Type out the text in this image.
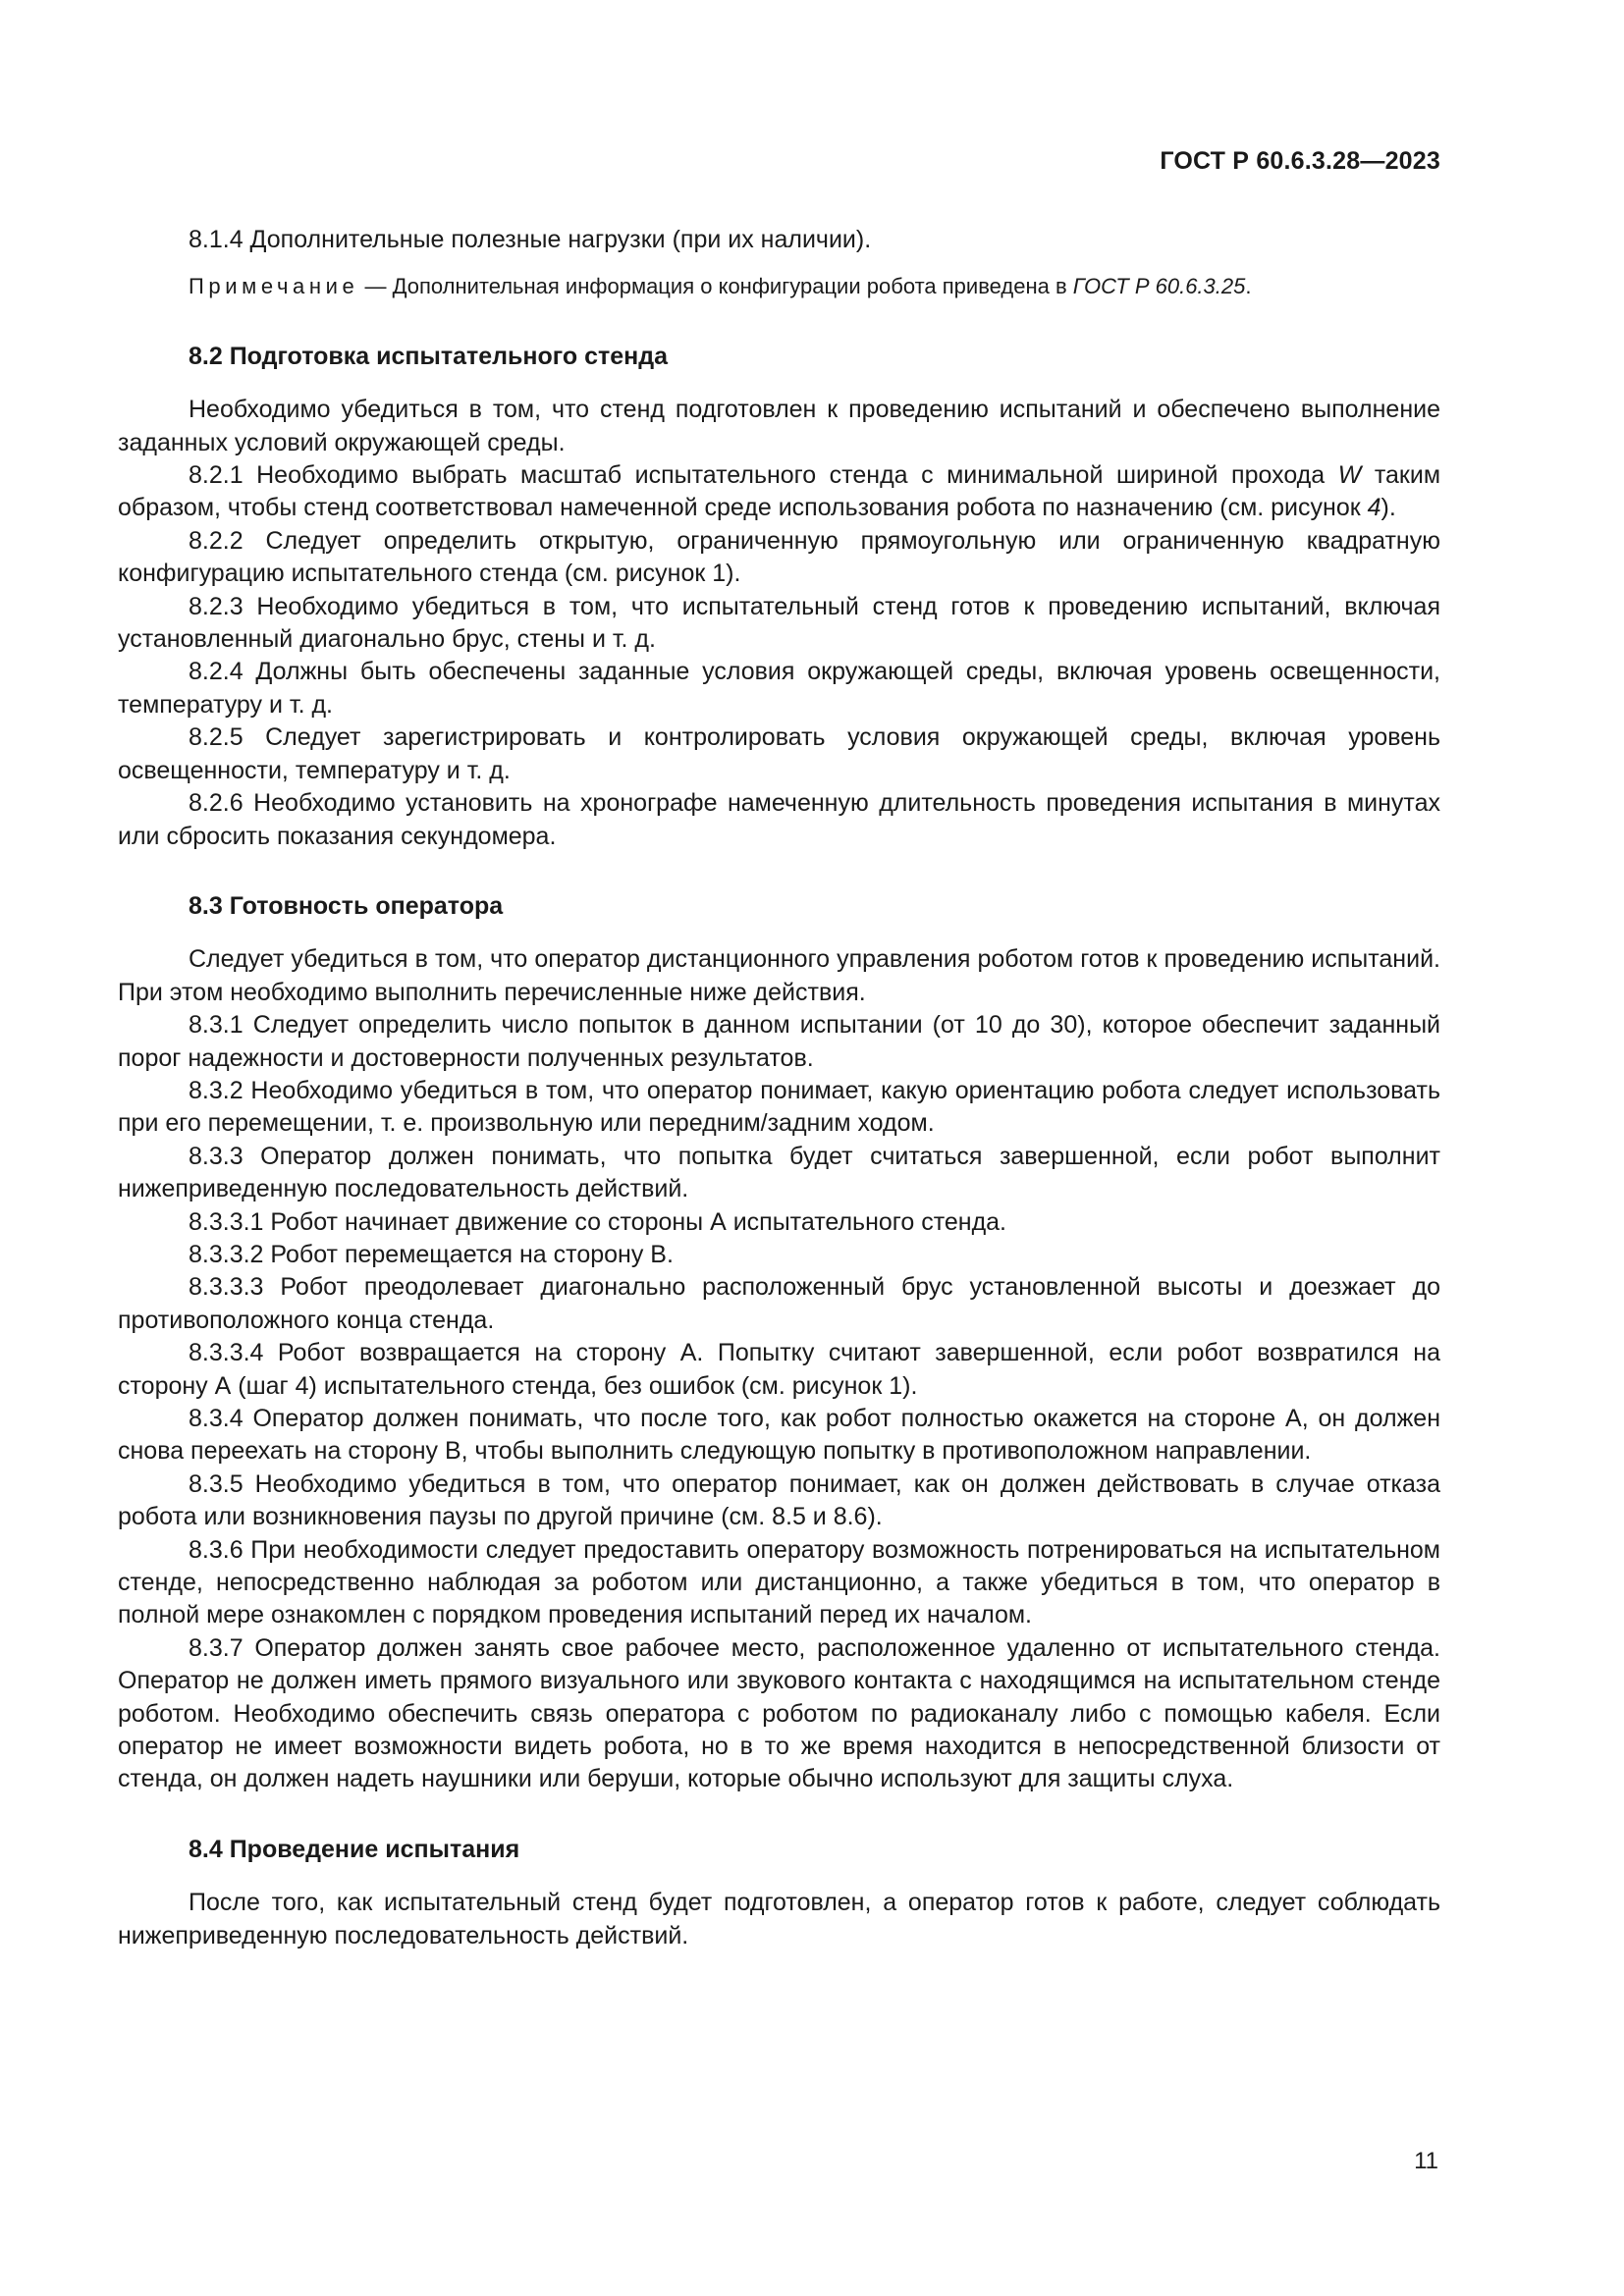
ГОСТ Р 60.6.3.28—2023

8.1.4 Дополнительные полезные нагрузки (при их наличии).

Примечание — Дополнительная информация о конфигурации робота приведена в ГОСТ Р 60.6.3.25.

8.2 Подготовка испытательного стенда

Необходимо убедиться в том, что стенд подготовлен к проведению испытаний и обеспечено выполнение заданных условий окружающей среды.

8.2.1 Необходимо выбрать масштаб испытательного стенда с минимальной шириной прохода W таким образом, чтобы стенд соответствовал намеченной среде использования робота по назначению (см. рисунок 4).

8.2.2 Следует определить открытую, ограниченную прямоугольную или ограниченную квадратную конфигурацию испытательного стенда (см. рисунок 1).

8.2.3 Необходимо убедиться в том, что испытательный стенд готов к проведению испытаний, включая установленный диагонально брус, стены и т. д.

8.2.4 Должны быть обеспечены заданные условия окружающей среды, включая уровень освещенности, температуру и т. д.

8.2.5 Следует зарегистрировать и контролировать условия окружающей среды, включая уровень освещенности, температуру и т. д.

8.2.6 Необходимо установить на хронографе намеченную длительность проведения испытания в минутах или сбросить показания секундомера.

8.3 Готовность оператора

Следует убедиться в том, что оператор дистанционного управления роботом готов к проведению испытаний. При этом необходимо выполнить перечисленные ниже действия.

8.3.1 Следует определить число попыток в данном испытании (от 10 до 30), которое обеспечит заданный порог надежности и достоверности полученных результатов.

8.3.2 Необходимо убедиться в том, что оператор понимает, какую ориентацию робота следует использовать при его перемещении, т. е. произвольную или передним/задним ходом.

8.3.3 Оператор должен понимать, что попытка будет считаться завершенной, если робот выполнит нижеприведенную последовательность действий.

8.3.3.1 Робот начинает движение со стороны А испытательного стенда.

8.3.3.2 Робот перемещается на сторону В.

8.3.3.3 Робот преодолевает диагонально расположенный брус установленной высоты и доезжает до противоположного конца стенда.

8.3.3.4 Робот возвращается на сторону А. Попытку считают завершенной, если робот возвратился на сторону А (шаг 4) испытательного стенда, без ошибок (см. рисунок 1).

8.3.4 Оператор должен понимать, что после того, как робот полностью окажется на стороне А, он должен снова переехать на сторону В, чтобы выполнить следующую попытку в противоположном направлении.

8.3.5 Необходимо убедиться в том, что оператор понимает, как он должен действовать в случае отказа робота или возникновения паузы по другой причине (см. 8.5 и 8.6).

8.3.6 При необходимости следует предоставить оператору возможность потренироваться на испытательном стенде, непосредственно наблюдая за роботом или дистанционно, а также убедиться в том, что оператор в полной мере ознакомлен с порядком проведения испытаний перед их началом.

8.3.7 Оператор должен занять свое рабочее место, расположенное удаленно от испытательного стенда. Оператор не должен иметь прямого визуального или звукового контакта с находящимся на испытательном стенде роботом. Необходимо обеспечить связь оператора с роботом по радиоканалу либо с помощью кабеля. Если оператор не имеет возможности видеть робота, но в то же время находится в непосредственной близости от стенда, он должен надеть наушники или беруши, которые обычно используют для защиты слуха.

8.4 Проведение испытания

После того, как испытательный стенд будет подготовлен, а оператор готов к работе, следует соблюдать нижеприведенную последовательность действий.

11
